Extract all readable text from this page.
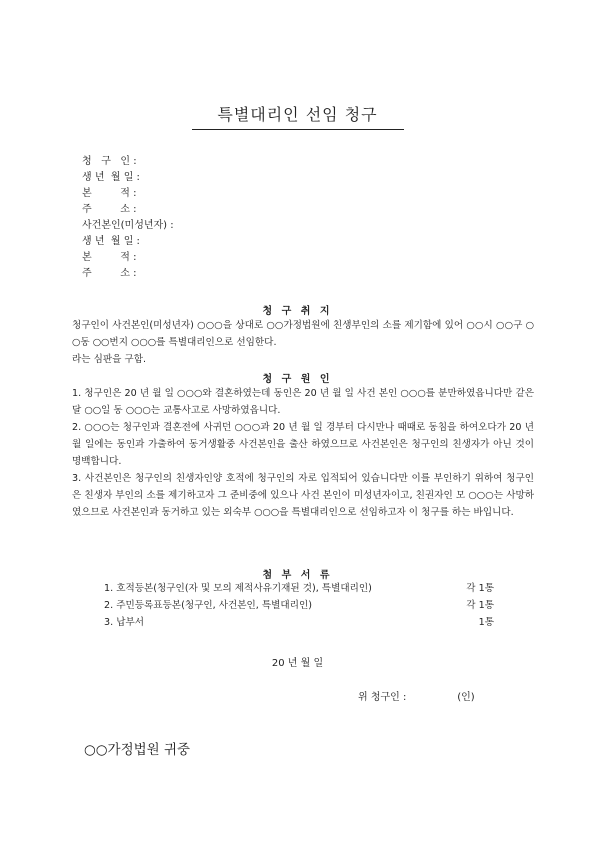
특별대리인 선임 청구
청   구   인 :
생 년  월 일 :
본         적 :
주         소 :
사건본인(미성년자) :
생 년  월 일 :
본         적 :
주         소 :
청 구 취 지

청구인이 사건본인(미성년자) ○○○을 상대로 ○○가정법원에 친생부인의 소를 제기함에 있어 ○○시 ○○구 ○○동 ○○번지 ○○○를 특별대리인으로 선임한다.

라는 심판을 구함.

청 구 원 인

1. 청구인은 20 년 월 일 ○○○와 결혼하였는데 동인은 20 년 월 일 사건 본인 ○○○를 분만하였읍니다만 같은 달 ○○일 동 ○○○는 교통사고로 사망하였읍니다.

2. ○○○는 청구인과 결혼전에 사귀던 ○○○과 20 년 월 일 경부터 다시만나 때때로 동침을 하여오다가 20 년 월 일에는 동인과 가출하여 동거생활중 사건본인을 출산 하였으므로 사건본인은 청구인의 친생자가 아닌 것이 명백합니다.

3. 사건본인은 청구인의 친생자인양 호적에 청구인의 자로 입적되어 있습니다만 이를 부인하기 위하여 청구인은 친생자 부인의 소를 제기하고자 그 준비중에 있으나 사건 본인이 미성년자이고, 친권자인 모 ○○○는 사망하였으므로 사건본인과 동거하고 있는 외숙부 ○○○을 특별대리인으로 선임하고자 이 청구를 하는 바입니다.

첨 부 서 류
1. 호적등본(청구인(자 및 모의 제적사유기재된 것), 특별대리인)	각 1통
2. 주민등록표등본(청구인, 사건본인, 특별대리인)	각 1통
3. 납부서	1통
20 년 월 일
위 청구인 :                (인)
○○가정법원 귀중
